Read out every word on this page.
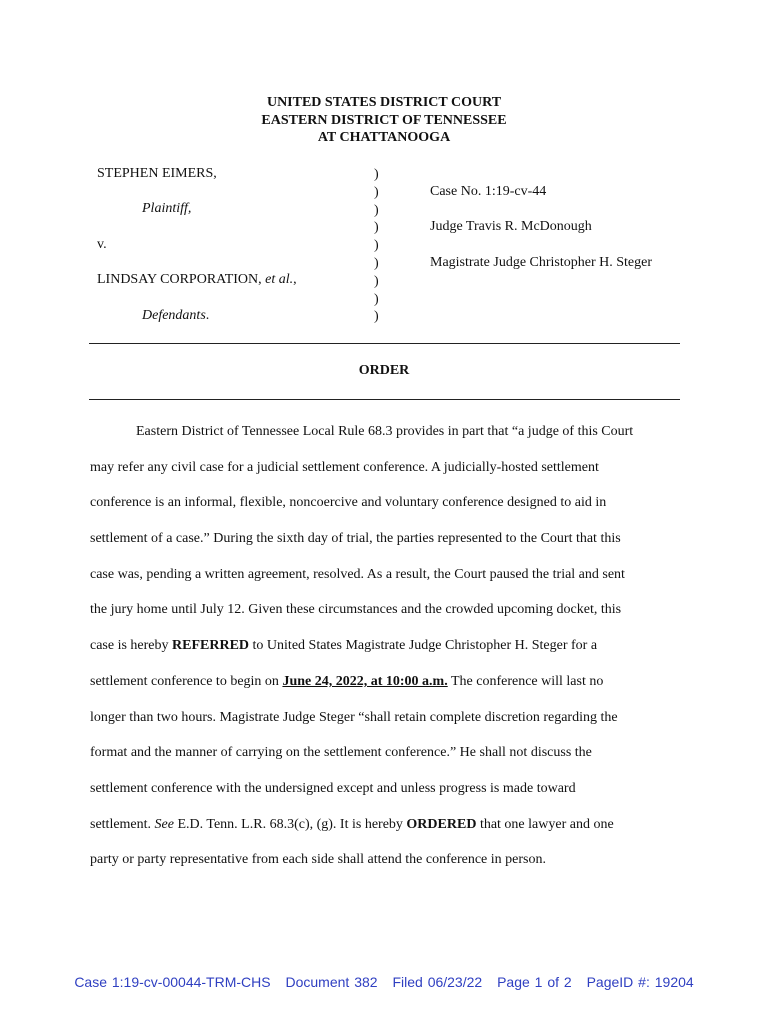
UNITED STATES DISTRICT COURT
EASTERN DISTRICT OF TENNESSEE
AT CHATTANOOGA
STEPHEN EIMERS,
Plaintiff,
v.
LINDSAY CORPORATION, et al.,
Defendants.
)
)
)
)
)
)
)
)
)
Case No. 1:19-cv-44
Judge Travis R. McDonough
Magistrate Judge Christopher H. Steger
ORDER
Eastern District of Tennessee Local Rule 68.3 provides in part that “a judge of this Court
may refer any civil case for a judicial settlement conference. A judicially-hosted settlement
conference is an informal, flexible, noncoercive and voluntary conference designed to aid in
settlement of a case.” During the sixth day of trial, the parties represented to the Court that this
case was, pending a written agreement, resolved. As a result, the Court paused the trial and sent
the jury home until July 12. Given these circumstances and the crowded upcoming docket, this
case is hereby REFERRED to United States Magistrate Judge Christopher H. Steger for a
settlement conference to begin on June 24, 2022, at 10:00 a.m. The conference will last no
longer than two hours. Magistrate Judge Steger “shall retain complete discretion regarding the
format and the manner of carrying on the settlement conference.” He shall not discuss the
settlement conference with the undersigned except and unless progress is made toward
settlement. See E.D. Tenn. L.R. 68.3(c), (g). It is hereby ORDERED that one lawyer and one
party or party representative from each side shall attend the conference in person.
Case 1:19-cv-00044-TRM-CHS Document 382 Filed 06/23/22 Page 1 of 2 PageID #: 19204
